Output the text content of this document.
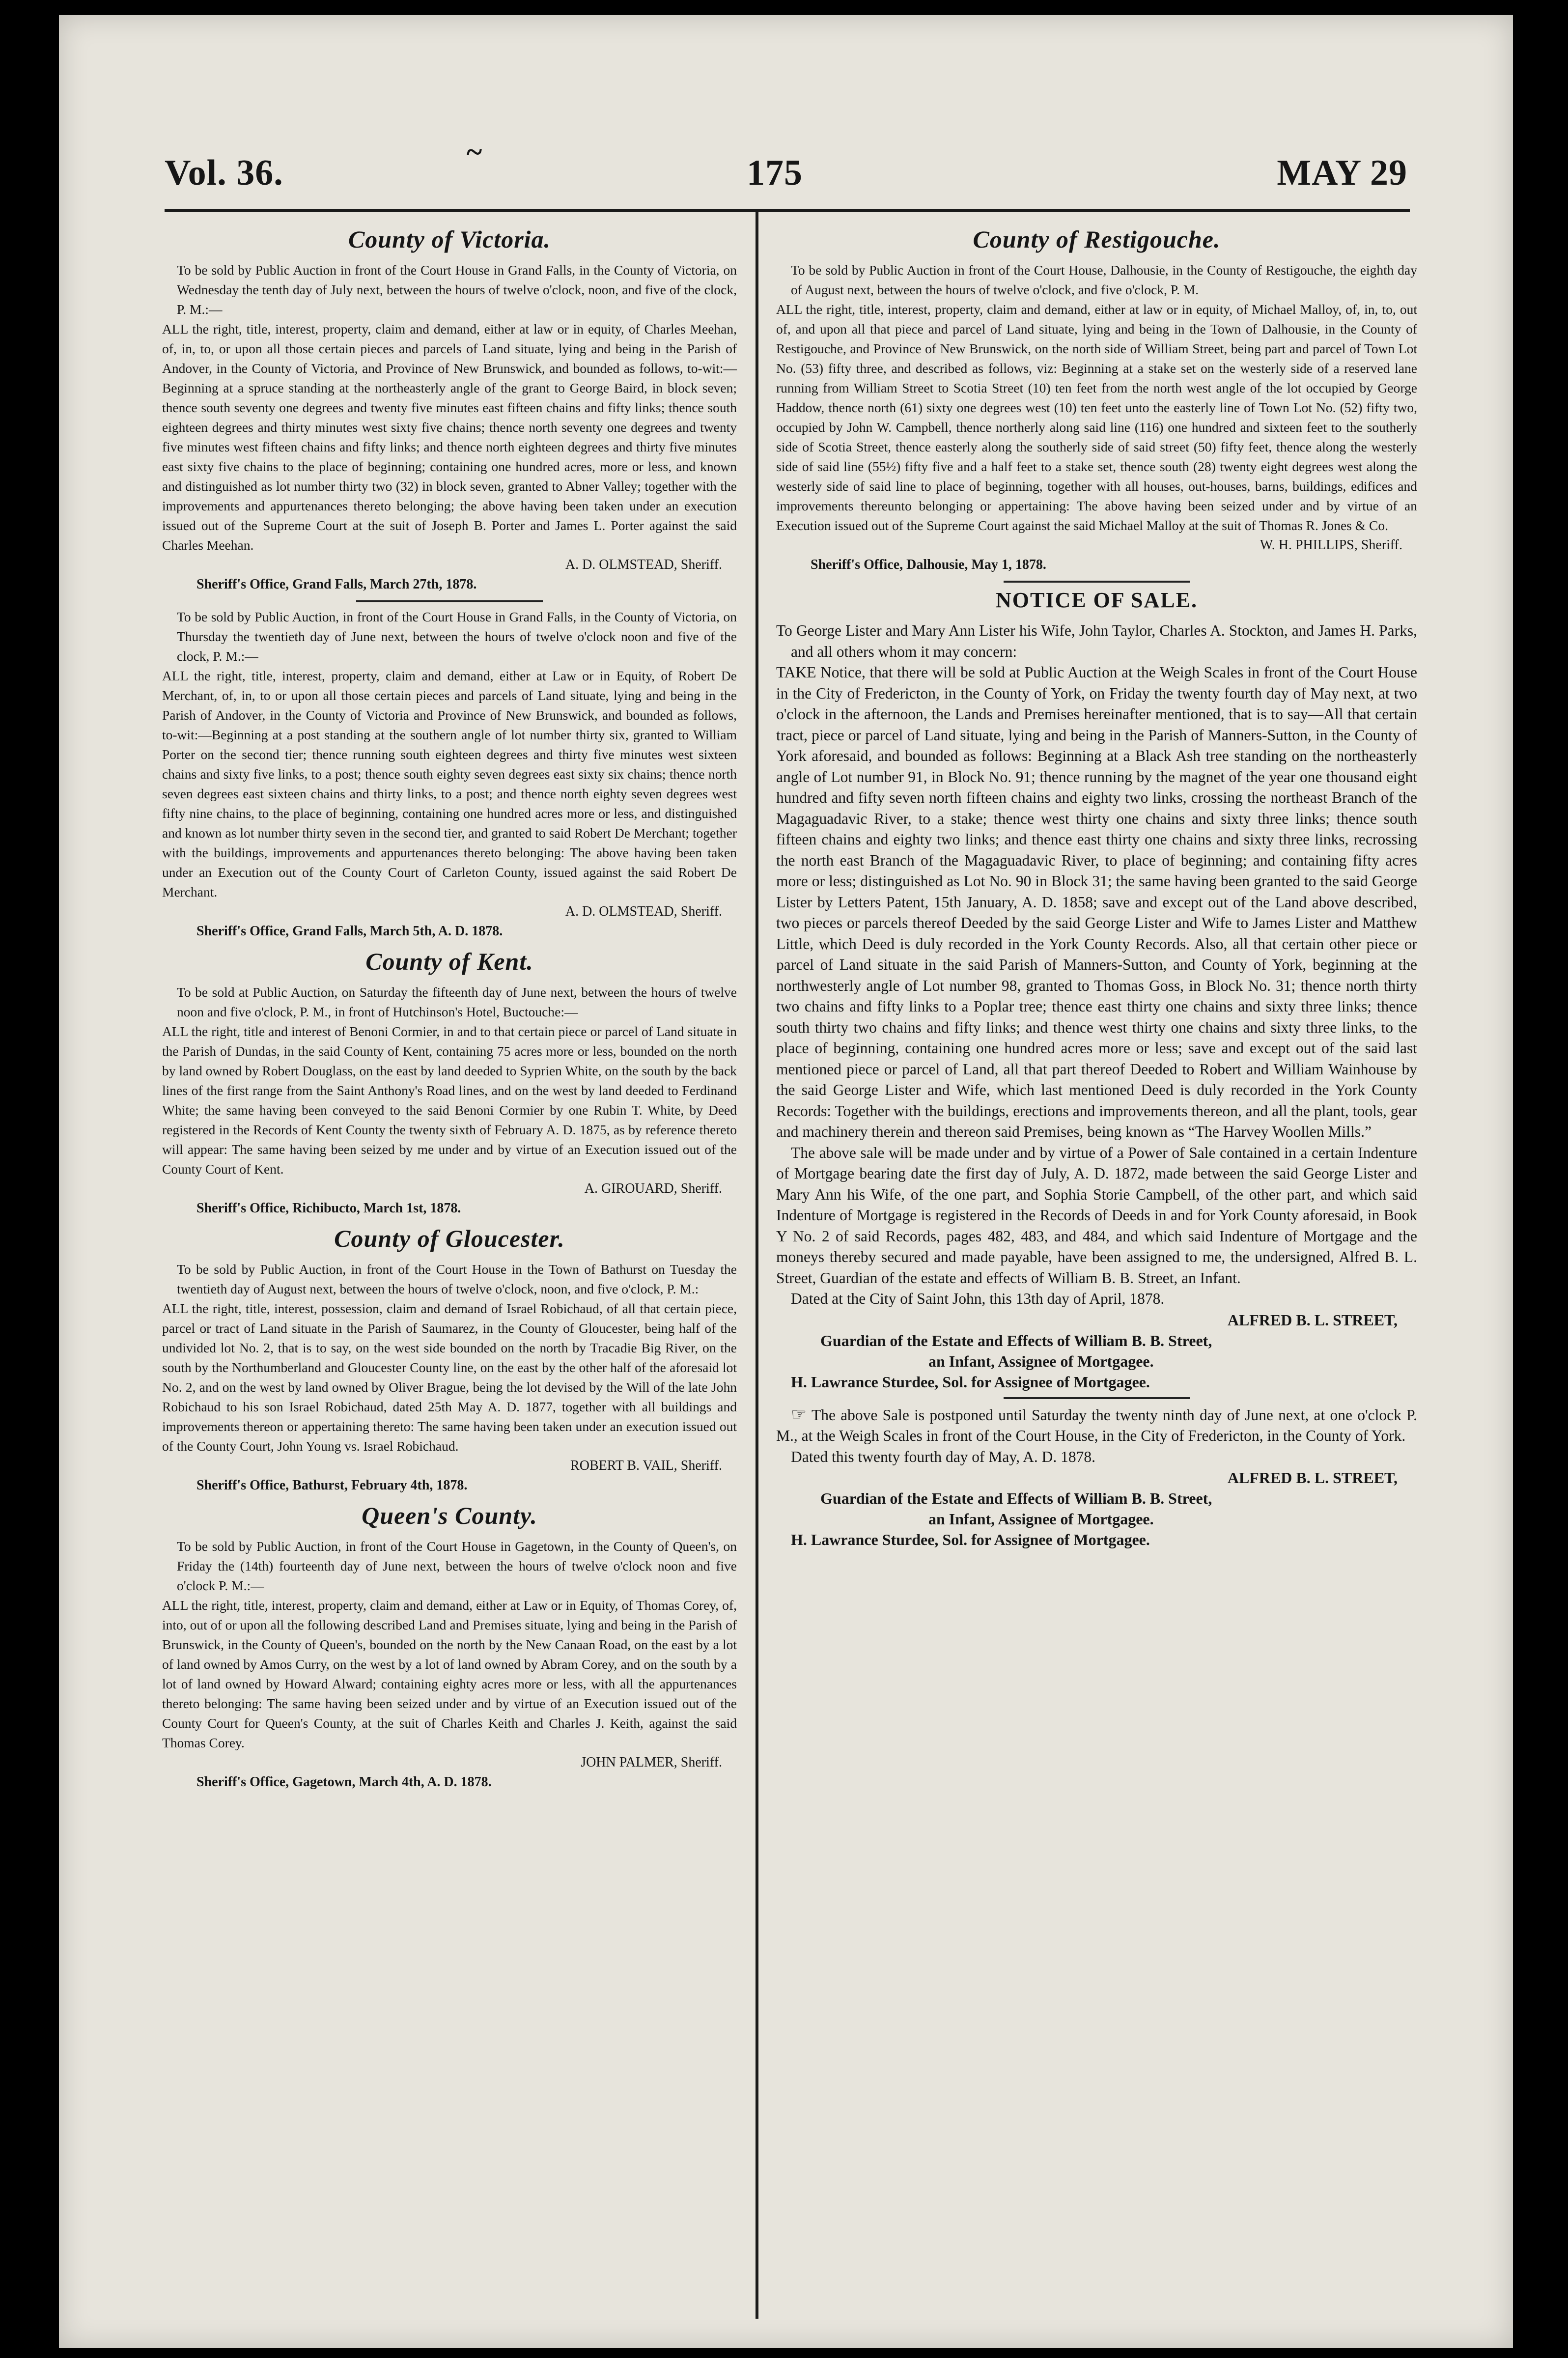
~
Vol. 36.	175	MAY 29
County of Victoria.

To be sold by Public Auction in front of the Court House in Grand Falls, in the County of Victoria, on Wednesday the tenth day of July next, between the hours of twelve o'clock, noon, and five of the clock, P. M.:—

ALL the right, title, interest, property, claim and demand, either at law or in equity, of Charles Meehan, of, in, to, or upon all those certain pieces and parcels of Land situate, lying and being in the Parish of Andover, in the County of Victoria, and Province of New Brunswick, and bounded as follows, to-wit:—Beginning at a spruce standing at the northeasterly angle of the grant to George Baird, in block seven; thence south seventy one degrees and twenty five minutes east fifteen chains and fifty links; thence south eighteen degrees and thirty minutes west sixty five chains; thence north seventy one degrees and twenty five minutes west fifteen chains and fifty links; and thence north eighteen degrees and thirty five minutes east sixty five chains to the place of beginning; containing one hundred acres, more or less, and known and distinguished as lot number thirty two (32) in block seven, granted to Abner Valley; together with the improvements and appurtenances thereto belonging; the above having been taken under an execution issued out of the Supreme Court at the suit of Joseph B. Porter and James L. Porter against the said Charles Meehan.

A. D. OLMSTEAD, Sheriff.
Sheriff's Office, Grand Falls, March 27th, 1878.

To be sold by Public Auction, in front of the Court House in Grand Falls, in the County of Victoria, on Thursday the twentieth day of June next, between the hours of twelve o'clock noon and five of the clock, P. M.:—

ALL the right, title, interest, property, claim and demand, either at Law or in Equity, of Robert De Merchant, of, in, to or upon all those certain pieces and parcels of Land situate, lying and being in the Parish of Andover, in the County of Victoria and Province of New Brunswick, and bounded as follows, to-wit:—Beginning at a post standing at the southern angle of lot number thirty six, granted to William Porter on the second tier; thence running south eighteen degrees and thirty five minutes west sixteen chains and sixty five links, to a post; thence south eighty seven degrees east sixty six chains; thence north seven degrees east sixteen chains and thirty links, to a post; and thence north eighty seven degrees west fifty nine chains, to the place of beginning, containing one hundred acres more or less, and distinguished and known as lot number thirty seven in the second tier, and granted to said Robert De Merchant; together with the buildings, improvements and appurtenances thereto belonging: The above having been taken under an Execution out of the County Court of Carleton County, issued against the said Robert De Merchant.

A. D. OLMSTEAD, Sheriff.
Sheriff's Office, Grand Falls, March 5th, A. D. 1878.
County of Kent.

To be sold at Public Auction, on Saturday the fifteenth day of June next, between the hours of twelve noon and five o'clock, P. M., in front of Hutchinson's Hotel, Buctouche:—

ALL the right, title and interest of Benoni Cormier, in and to that certain piece or parcel of Land situate in the Parish of Dundas, in the said County of Kent, containing 75 acres more or less, bounded on the north by land owned by Robert Douglass, on the east by land deeded to Syprien White, on the south by the back lines of the first range from the Saint Anthony's Road lines, and on the west by land deeded to Ferdinand White; the same having been conveyed to the said Benoni Cormier by one Rubin T. White, by Deed registered in the Records of Kent County the twenty sixth of February A. D. 1875, as by reference thereto will appear: The same having been seized by me under and by virtue of an Execution issued out of the County Court of Kent.

A. GIROUARD, Sheriff.
Sheriff's Office, Richibucto, March 1st, 1878.
County of Gloucester.

To be sold by Public Auction, in front of the Court House in the Town of Bathurst on Tuesday the twentieth day of August next, between the hours of twelve o'clock, noon, and five o'clock, P. M.:

ALL the right, title, interest, possession, claim and demand of Israel Robichaud, of all that certain piece, parcel or tract of Land situate in the Parish of Saumarez, in the County of Gloucester, being half of the undivided lot No. 2, that is to say, on the west side bounded on the north by Tracadie Big River, on the south by the Northumberland and Gloucester County line, on the east by the other half of the aforesaid lot No. 2, and on the west by land owned by Oliver Brague, being the lot devised by the Will of the late John Robichaud to his son Israel Robichaud, dated 25th May A. D. 1877, together with all buildings and improvements thereon or appertaining thereto: The same having been taken under an execution issued out of the County Court, John Young vs. Israel Robichaud.

ROBERT B. VAIL, Sheriff.
Sheriff's Office, Bathurst, February 4th, 1878.
Queen's County.

To be sold by Public Auction, in front of the Court House in Gagetown, in the County of Queen's, on Friday the (14th) fourteenth day of June next, between the hours of twelve o'clock noon and five o'clock P. M.:—

ALL the right, title, interest, property, claim and demand, either at Law or in Equity, of Thomas Corey, of, into, out of or upon all the following described Land and Premises situate, lying and being in the Parish of Brunswick, in the County of Queen's, bounded on the north by the New Canaan Road, on the east by a lot of land owned by Amos Curry, on the west by a lot of land owned by Abram Corey, and on the south by a lot of land owned by Howard Alward; containing eighty acres more or less, with all the appurtenances thereto belonging: The same having been seized under and by virtue of an Execution issued out of the County Court for Queen's County, at the suit of Charles Keith and Charles J. Keith, against the said Thomas Corey.

JOHN PALMER, Sheriff.
Sheriff's Office, Gagetown, March 4th, A. D. 1878.
County of Restigouche.

To be sold by Public Auction in front of the Court House, Dalhousie, in the County of Restigouche, the eighth day of August next, between the hours of twelve o'clock, and five o'clock, P. M.

ALL the right, title, interest, property, claim and demand, either at law or in equity, of Michael Malloy, of, in, to, out of, and upon all that piece and parcel of Land situate, lying and being in the Town of Dalhousie, in the County of Restigouche, and Province of New Brunswick, on the north side of William Street, being part and parcel of Town Lot No. (53) fifty three, and described as follows, viz: Beginning at a stake set on the westerly side of a reserved lane running from William Street to Scotia Street (10) ten feet from the north west angle of the lot occupied by George Haddow, thence north (61) sixty one degrees west (10) ten feet unto the easterly line of Town Lot No. (52) fifty two, occupied by John W. Campbell, thence northerly along said line (116) one hundred and sixteen feet to the southerly side of Scotia Street, thence easterly along the southerly side of said street (50) fifty feet, thence along the westerly side of said line (55½) fifty five and a half feet to a stake set, thence south (28) twenty eight degrees west along the westerly side of said line to place of beginning, together with all houses, out-houses, barns, buildings, edifices and improvements thereunto belonging or appertaining: The above having been seized under and by virtue of an Execution issued out of the Supreme Court against the said Michael Malloy at the suit of Thomas R. Jones & Co.

W. H. PHILLIPS, Sheriff.
Sheriff's Office, Dalhousie, May 1, 1878.
NOTICE OF SALE.

To George Lister and Mary Ann Lister his Wife, John Taylor, Charles A. Stockton, and James H. Parks, and all others whom it may concern:

TAKE Notice, that there will be sold at Public Auction at the Weigh Scales in front of the Court House in the City of Fredericton, in the County of York, on Friday the twenty fourth day of May next, at two o'clock in the afternoon, the Lands and Premises hereinafter mentioned, that is to say—All that certain tract, piece or parcel of Land situate, lying and being in the Parish of Manners-Sutton, in the County of York aforesaid, and bounded as follows: Beginning at a Black Ash tree standing on the northeasterly angle of Lot number 91, in Block No. 91; thence running by the magnet of the year one thousand eight hundred and fifty seven north fifteen chains and eighty two links, crossing the northeast Branch of the Magaguadavic River, to a stake; thence west thirty one chains and sixty three links; thence south fifteen chains and eighty two links; and thence east thirty one chains and sixty three links, recrossing the north east Branch of the Magaguadavic River, to place of beginning; and containing fifty acres more or less; distinguished as Lot No. 90 in Block 31; the same having been granted to the said George Lister by Letters Patent, 15th January, A. D. 1858; save and except out of the Land above described, two pieces or parcels thereof Deeded by the said George Lister and Wife to James Lister and Matthew Little, which Deed is duly recorded in the York County Records. Also, all that certain other piece or parcel of Land situate in the said Parish of Manners-Sutton, and County of York, beginning at the northwesterly angle of Lot number 98, granted to Thomas Goss, in Block No. 31; thence north thirty two chains and fifty links to a Poplar tree; thence east thirty one chains and sixty three links; thence south thirty two chains and fifty links; and thence west thirty one chains and sixty three links, to the place of beginning, containing one hundred acres more or less; save and except out of the said last mentioned piece or parcel of Land, all that part thereof Deeded to Robert and William Wainhouse by the said George Lister and Wife, which last mentioned Deed is duly recorded in the York County Records: Together with the buildings, erections and improvements thereon, and all the plant, tools, gear and machinery therein and thereon said Premises, being known as “The Harvey Woollen Mills.”

The above sale will be made under and by virtue of a Power of Sale contained in a certain Indenture of Mortgage bearing date the first day of July, A. D. 1872, made between the said George Lister and Mary Ann his Wife, of the one part, and Sophia Storie Campbell, of the other part, and which said Indenture of Mortgage is registered in the Records of Deeds in and for York County aforesaid, in Book Y No. 2 of said Records, pages 482, 483, and 484, and which said Indenture of Mortgage and the moneys thereby secured and made payable, have been assigned to me, the undersigned, Alfred B. L. Street, Guardian of the estate and effects of William B. B. Street, an Infant.

Dated at the City of Saint John, this 13th day of April, 1878.

ALFRED B. L. STREET,
Guardian of the Estate and Effects of William B. B. Street,
an Infant, Assignee of Mortgagee.
H. Lawrance Sturdee, Sol. for Assignee of Mortgagee.

☞ The above Sale is postponed until Saturday the twenty ninth day of June next, at one o'clock P. M., at the Weigh Scales in front of the Court House, in the City of Fredericton, in the County of York.

Dated this twenty fourth day of May, A. D. 1878.

ALFRED B. L. STREET,
Guardian of the Estate and Effects of William B. B. Street,
an Infant, Assignee of Mortgagee.
H. Lawrance Sturdee, Sol. for Assignee of Mortgagee.
